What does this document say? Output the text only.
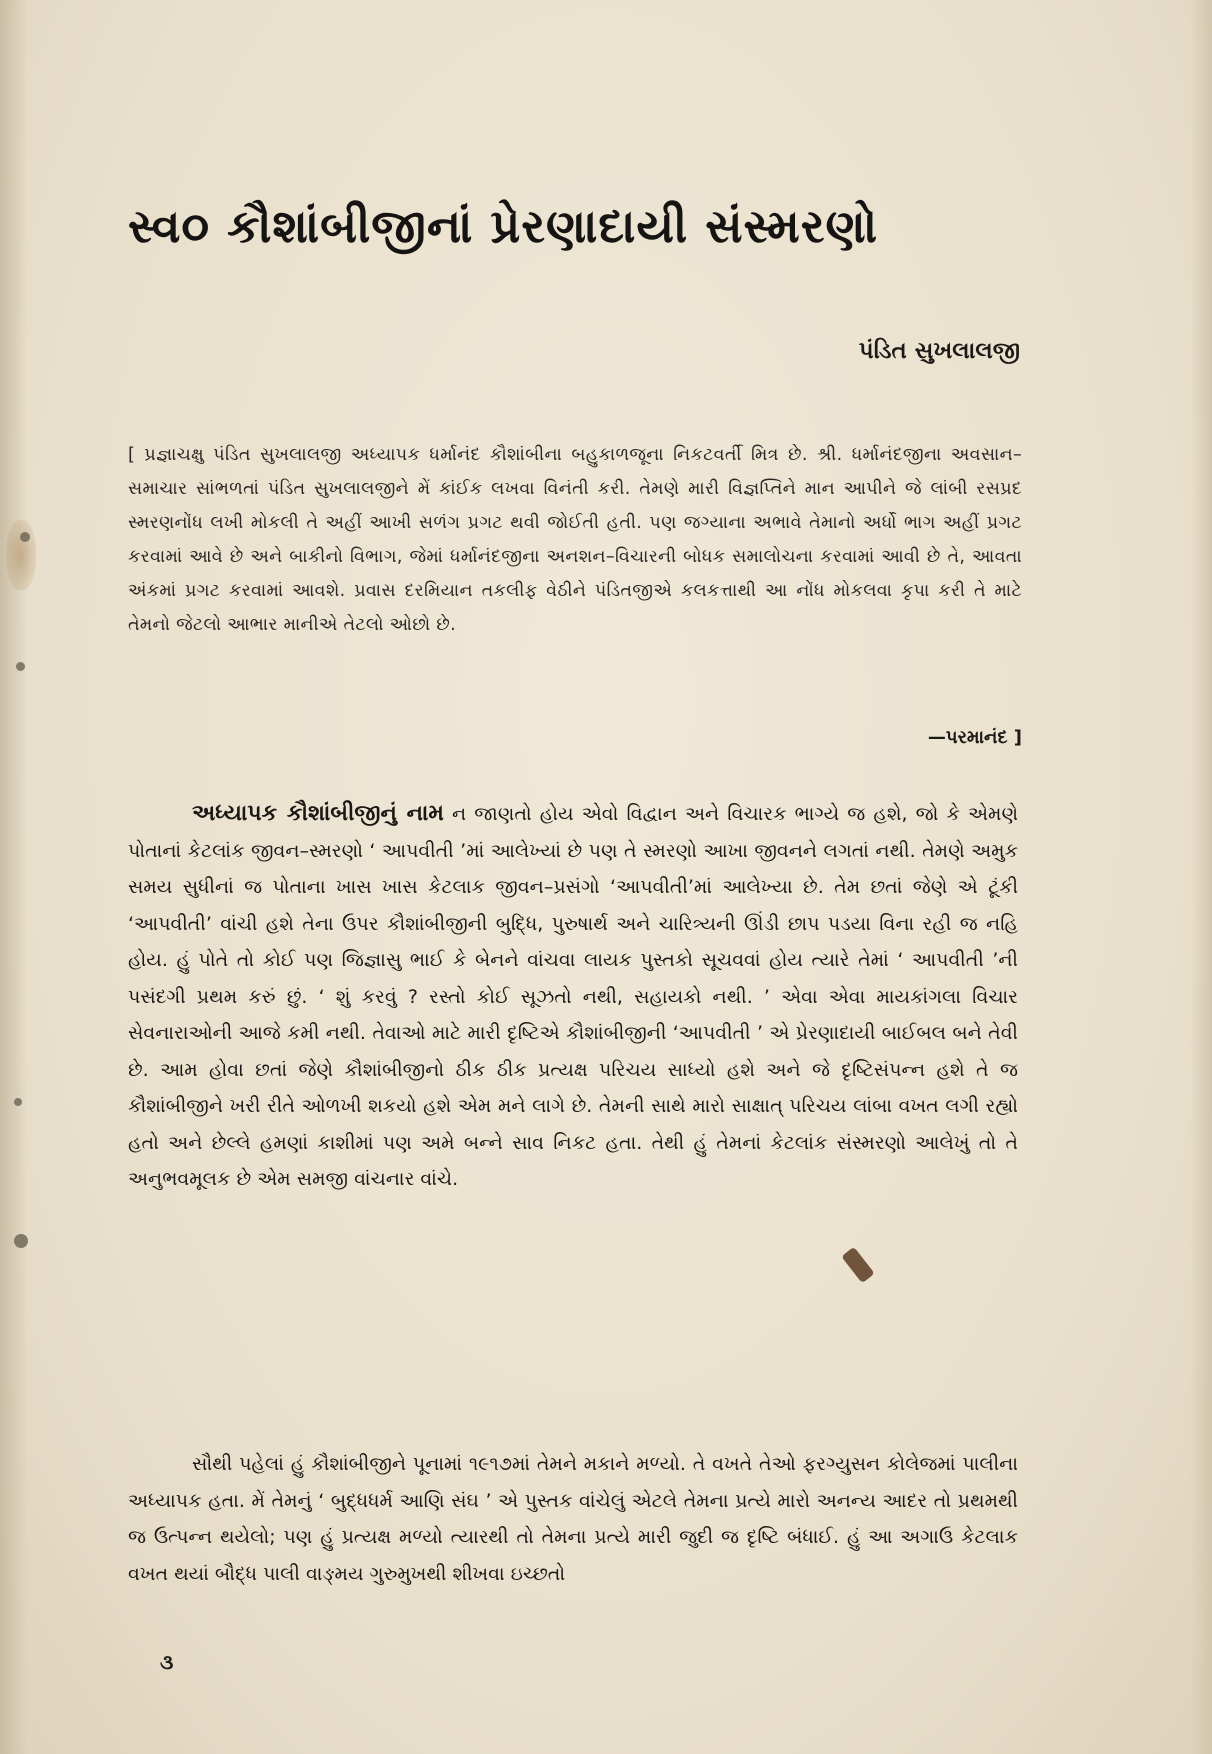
સ્વ૦ કૌશાંબીજીનાં પ્રેરણાદાયી સંસ્મરણો
પંડિત સુખલાલજી
[ પ્રજ્ઞાચક્ષુ પંડિત સુખલાલજી અધ્યાપક ધર્માનંદ કૌશાંબીના બહુકાળજૂના નિકટવર્તી મિત્ર છે. શ્રી. ધર્માનંદજીના અવસાન–સમાચાર સાંભળતાં પંડિત સુખલાલજીને મેં કાંઈક લખવા વિનંતી કરી. તેમણે મારી વિજ્ઞપ્તિને માન આપીને જે લાંબી રસપ્રદ સ્મરણનોંધ લખી મોકલી તે અહીં આખી સળંગ પ્રગટ થવી જોઈતી હતી. પણ જગ્યાના અભાવે તેમાનો અર્ધો ભાગ અહીં પ્રગટ કરવામાં આવે છે અને બાકીનો વિભાગ, જેમાં ધર્માનંદજીના અનશન–વિચારની બોધક સમાલોચના કરવામાં આવી છે તે, આવતા અંકમાં પ્રગટ કરવામાં આવશે. પ્રવાસ દરમિયાન તકલીફ વેઠીને પંડિતજીએ કલકત્તાથી આ નોંધ મોકલવા કૃપા કરી તે માટે તેમનો જેટલો આભાર માનીએ તેટલો ઓછો છે.
—પરમાનંદ ]
અધ્યાપક કૌશાંબીજીનું નામ ન જાણતો હોય એવો વિદ્વાન અને વિચારક ભાગ્યે જ હશે, જો કે એમણે પોતાનાં કેટલાંક જીવન–સ્મરણો ‘ આપવીતી ’માં આલેખ્યાં છે પણ તે સ્મરણો આખા જીવનને લગતાં નથી. તેમણે અમુક સમય સુધીનાં જ પોતાના ખાસ ખાસ કેટલાક જીવન–પ્રસંગો ‘આપવીતી’માં આલેખ્યા છે. તેમ છતાં જેણે એ ટૂંકી ‘આપવીતી’ વાંચી હશે તેના ઉપર કૌશાંબીજીની બુદ્ધિ, પુરુષાર્થ અને ચારિત્ર્યની ઊંડી છાપ પડયા વિના રહી જ નહિ હોય. હું પોતે તો કોઈ પણ જિજ્ઞાસુ ભાઈ કે બેનને વાંચવા લાયક પુસ્તકો સૂચવવાં હોય ત્યારે તેમાં ‘ આપવીતી ’ની પસંદગી પ્રથમ કરું છું. ‘ શું કરવું ? રસ્તો કોઈ સૂઝતો નથી, સહાયકો નથી. ’ એવા એવા માયકાંગલા વિચાર સેવનારાઓની આજે કમી નથી. તેવાઓ માટે મારી દૃષ્ટિએ કૌશાંબીજીની ‘આપવીતી ’ એ પ્રેરણાદાયી બાઈબલ બને તેવી છે. આમ હોવા છતાં જેણે કૌશાંબીજીનો ઠીક ઠીક પ્રત્યક્ષ પરિચય સાધ્યો હશે અને જે દૃષ્ટિસંપન્ન હશે તે જ કૌશાંબીજીને ખરી રીતે ઓળખી શકયો હશે એમ મને લાગે છે. તેમની સાથે મારો સાક્ષાત્ પરિચય લાંબા વખત લગી રહ્યો હતો અને છેલ્લે હમણાં કાશીમાં પણ અમે બન્ને સાવ નિકટ હતા. તેથી હું તેમનાં કેટલાંક સંસ્મરણો આલેખું તો તે અનુભવમૂલક છે એમ સમજી વાંચનાર વાંચે.
સૌથી પહેલાં હું કૌશાંબીજીને પૂનામાં ૧૯૧૭માં તેમને મકાને મળ્યો. તે વખતે તેઓ ફરગ્યુસન કોલેજમાં પાલીના અધ્યાપક હતા. મેં તેમનું ‘ બુદ્ધધર્મ આણિ સંઘ ’ એ પુસ્તક વાંચેલું એટલે તેમના પ્રત્યે મારો અનન્ય આદર તો પ્રથમથી જ ઉત્પન્ન થયેલો; પણ હું પ્રત્યક્ષ મળ્યો ત્યારથી તો તેમના પ્રત્યે મારી જુદી જ દૃષ્ટિ બંધાઈ. હું આ અગાઉ કેટલાક વખત થયાં બૌદ્ધ પાલી વાઙ્મય ગુરુમુખથી શીખવા ઇચ્છતો
૩
